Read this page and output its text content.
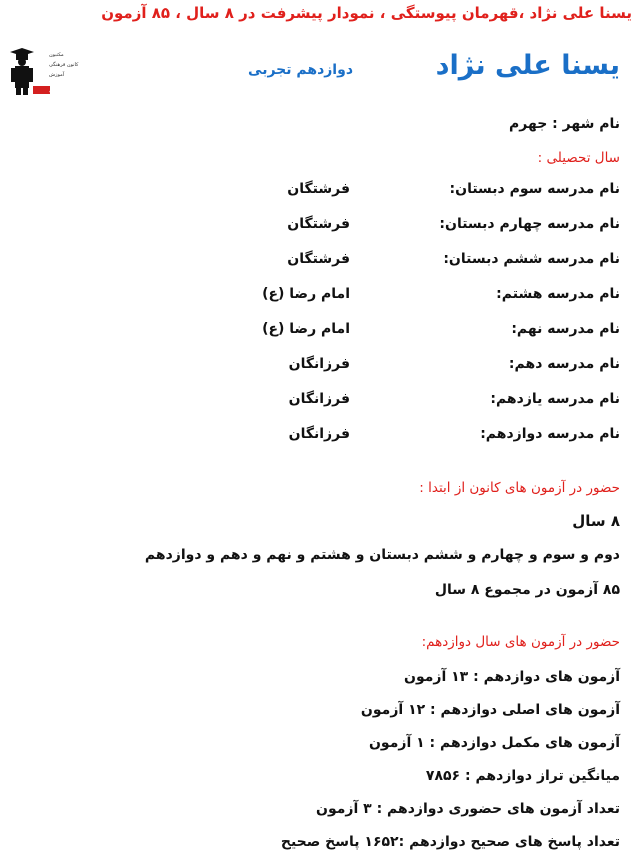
یسنا علی نژاد ،قهرمان پیوستگی ، نمودار پیشرفت در ۸ سال ، ۸۵ آزمون
مکتبون
کانون فرهنگی
آموزش
قلم چی
یسنا علی نژاد
دوازدهم تجربی
نام شهر : جهرم
سال تحصیلی :
نام مدرسه سوم دبستان:
فرشتگان
نام مدرسه چهارم دبستان:
فرشتگان
نام مدرسه ششم دبستان:
فرشتگان
نام مدرسه هشتم:
امام رضا (ع)
نام مدرسه نهم:
امام رضا (ع)
نام مدرسه دهم:
فرزانگان
نام مدرسه یازدهم:
فرزانگان
نام مدرسه دوازدهم:
فرزانگان
حضور در آزمون های کانون از ابتدا :
۸ سال
دوم و سوم و چهارم و ششم دبستان و هشتم و نهم و دهم و دوازدهم
۸۵ آزمون در مجموع ۸ سال
حضور در آزمون های سال دوازدهم:
آزمون های دوازدهم : ۱۳ آزمون
آزمون های اصلی دوازدهم : ۱۲ آزمون
آزمون های مکمل دوازدهم : ۱ آزمون
میانگین تراز دوازدهم : ۷۸۵۶
تعداد آزمون های حضوری دوازدهم : ۳ آزمون
تعداد پاسخ های صحیح دوازدهم :۱۶۵۲ پاسخ صحیح
